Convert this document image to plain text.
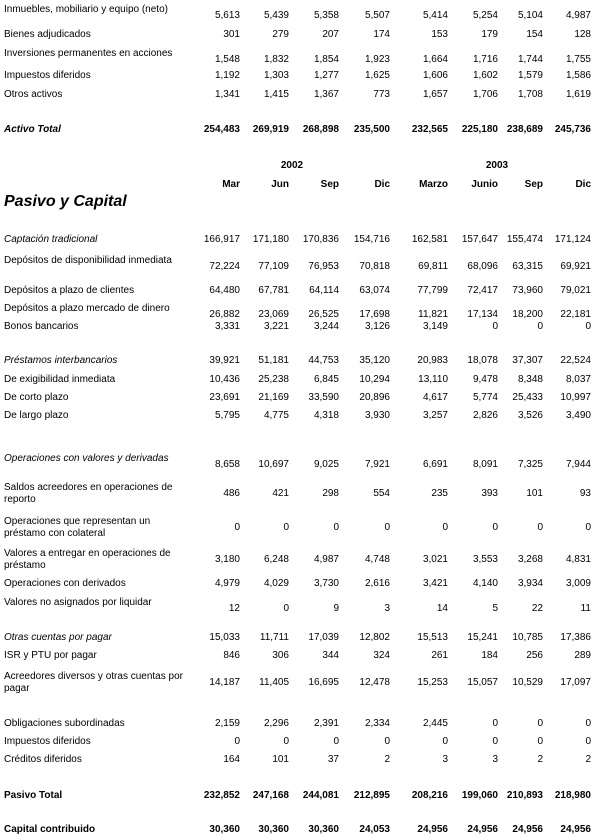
Pasivo y Capital
2002	2003
Mar	Jun	Sep	Dic	Marzo	Junio	Sep	Dic
Inmuebles, mobiliario y equipo (neto)
5,613	5,439	5,358	5,507	5,414	5,254	5,104	4,987
Bienes adjudicados	301	279	207	174	153	179	154	128
Inversiones permanentes en acciones
1,548	1,832	1,854	1,923	1,664	1,716	1,744	1,755
Impuestos diferidos	1,192	1,303	1,277	1,625	1,606	1,602	1,579	1,586
Otros activos	1,341	1,415	1,367	773	1,657	1,706	1,708	1,619
Activo Total	254,483	269,919	268,898	235,500	232,565	225,180 238,689	245,736
Captación tradicional	166,917	171,180	170,836	154,716	162,581	157,647 155,474	171,124
Depósitos de disponibilidad inmediata
72,224	77,109	76,953	70,818	69,811	68,096	63,315	69,921
Depósitos a plazo de clientes	64,480	67,781	64,114	63,074	77,799	72,417	73,960	79,021
Depósitos a plazo mercado de dinero
26,882	23,069	26,525	17,698	11,821	17,134	18,200	22,181
Bonos bancarios	3,331	3,221	3,244	3,126	3,149	0	0	0
Préstamos interbancarios	39,921	51,181	44,753	35,120	20,983	18,078	37,307	22,524
De exigibilidad inmediata	10,436	25,238	6,845	10,294	13,110	9,478	8,348	8,037
De corto plazo	23,691	21,169	33,590	20,896	4,617	5,774	25,433	10,997
De largo plazo	5,795	4,775	4,318	3,930	3,257	2,826	3,526	3,490
Operaciones con valores y derivadas
8,658	10,697	9,025	7,921	6,691	8,091	7,325	7,944
Saldos acreedores en operaciones de reporto
486	421	298	554	235	393	101	93
Operaciones que representan un préstamo con colateral
0	0	0	0	0	0	0	0
Valores a entregar en operaciones de préstamo
3,180	6,248	4,987	4,748	3,021	3,553	3,268	4,831
Operaciones con derivados	4,979	4,029	3,730	2,616	3,421	4,140	3,934	3,009
Valores no asignados por liquidar
12	0	9	3	14	5	22	11
Otras cuentas por pagar	15,033	11,711	17,039	12,802	15,513	15,241	10,785	17,386
ISR y PTU por pagar	846	306	344	324	261	184	256	289
Acreedores diversos y otras cuentas por pagar
14,187	11,405	16,695	12,478	15,253	15,057	10,529	17,097
Obligaciones subordinadas	2,159	2,296	2,391	2,334	2,445	0	0	0
Impuestos diferidos	0	0	0	0	0	0	0	0
Créditos diferidos	164	101	37	2	3	3	2	2
Pasivo Total	232,852	247,168	244,081	212,895	208,216	199,060 210,893	218,980
Capital contribuido	30,360	30,360	30,360	24,053	24,956	24,956	24,956	24,956
